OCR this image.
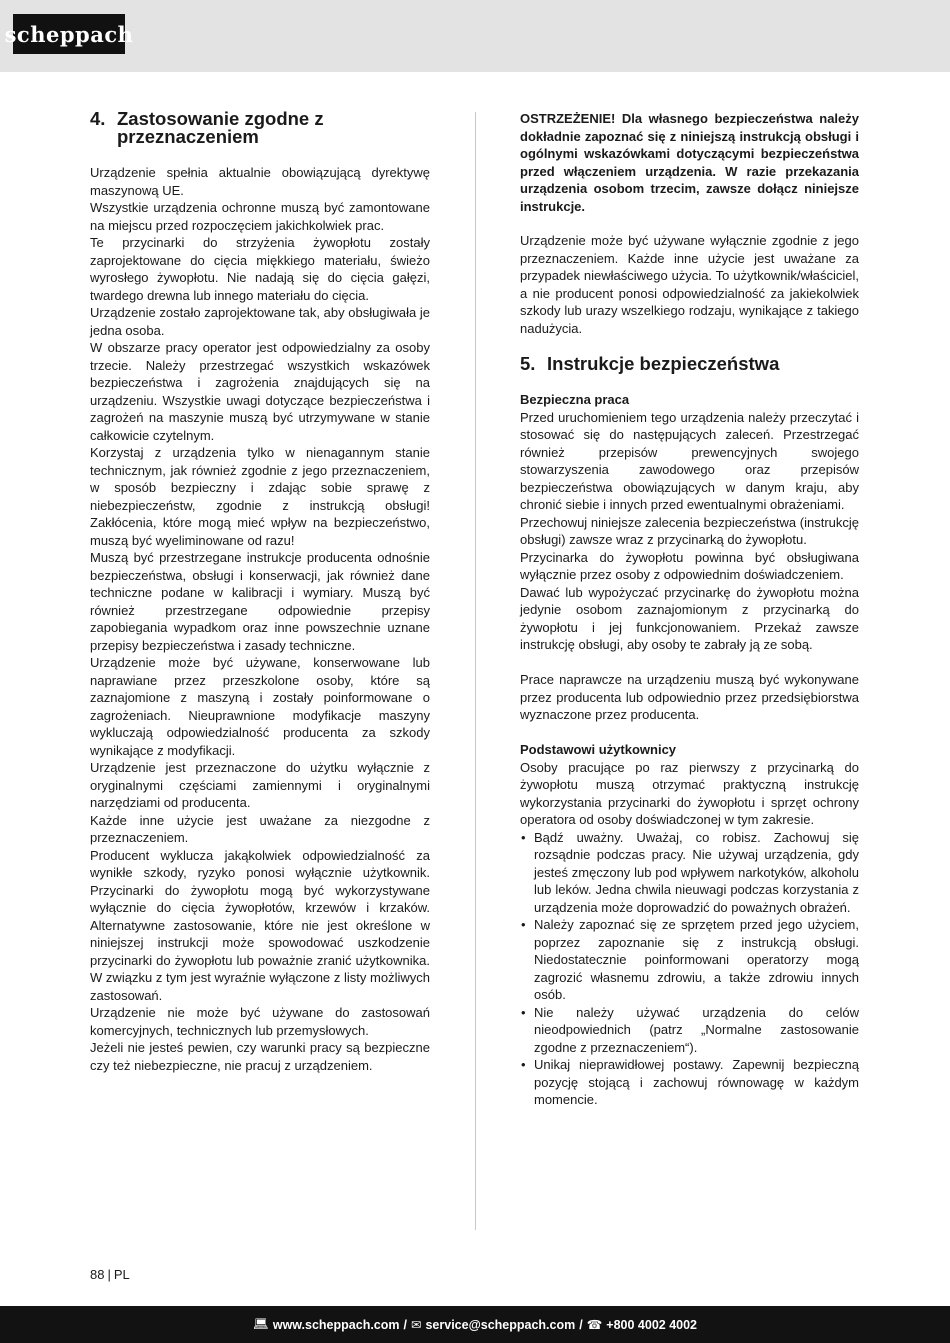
scheppach
4. Zastosowanie zgodne z przeznaczeniem

Urządzenie spełnia aktualnie obowiązującą dyrektywę maszynową UE.

Wszystkie urządzenia ochronne muszą być zamontowane na miejscu przed rozpoczęciem jakichkolwiek prac.

Te przycinarki do strzyżenia żywopłotu zostały zaprojektowane do cięcia miękkiego materiału, świeżo wyrosłego żywopłotu. Nie nadają się do cięcia gałęzi, twardego drewna lub innego materiału do cięcia.

Urządzenie zostało zaprojektowane tak, aby obsługiwała je jedna osoba.

W obszarze pracy operator jest odpowiedzialny za osoby trzecie. Należy przestrzegać wszystkich wskazówek bezpieczeństwa i zagrożenia znajdujących się na urządzeniu. Wszystkie uwagi dotyczące bezpieczeństwa i zagrożeń na maszynie muszą być utrzymywane w stanie całkowicie czytelnym.

Korzystaj z urządzenia tylko w nienagannym stanie technicznym, jak również zgodnie z jego przeznaczeniem, w sposób bezpieczny i zdając sobie sprawę z niebezpieczeństw, zgodnie z instrukcją obsługi! Zakłócenia, które mogą mieć wpływ na bezpieczeństwo, muszą być wyeliminowane od razu!

Muszą być przestrzegane instrukcje producenta odnośnie bezpieczeństwa, obsługi i konserwacji, jak również dane techniczne podane w kalibracji i wymiary. Muszą być również przestrzegane odpowiednie przepisy zapobiegania wypadkom oraz inne powszechnie uznane przepisy bezpieczeństwa i zasady techniczne.

Urządzenie może być używane, konserwowane lub naprawiane przez przeszkolone osoby, które są zaznajomione z maszyną i zostały poinformowane o zagrożeniach. Nieuprawnione modyfikacje maszyny wykluczają odpowiedzialność producenta za szkody wynikające z modyfikacji.

Urządzenie jest przeznaczone do użytku wyłącznie z oryginalnymi częściami zamiennymi i oryginalnymi narzędziami od producenta.

Każde inne użycie jest uważane za niezgodne z przeznaczeniem.

Producent wyklucza jakąkolwiek odpowiedzialność za wynikłe szkody, ryzyko ponosi wyłącznie użytkownik. Przycinarki do żywopłotu mogą być wykorzystywane wyłącznie do cięcia żywopłotów, krzewów i krzaków. Alternatywne zastosowanie, które nie jest określone w niniejszej instrukcji może spowodować uszkodzenie przycinarki do żywopłotu lub poważnie zranić użytkownika. W związku z tym jest wyraźnie wyłączone z listy możliwych zastosowań.

Urządzenie nie może być używane do zastosowań komercyjnych, technicznych lub przemysłowych.

Jeżeli nie jesteś pewien, czy warunki pracy są bezpieczne czy też niebezpieczne, nie pracuj z urządzeniem.

OSTRZEŻENIE! Dla własnego bezpieczeństwa należy dokładnie zapoznać się z niniejszą instrukcją obsługi i ogólnymi wskazówkami dotyczącymi bezpieczeństwa przed włączeniem urządzenia. W razie przekazania urządzenia osobom trzecim, zawsze dołącz niniejsze instrukcje.

Urządzenie może być używane wyłącznie zgodnie z jego przeznaczeniem. Każde inne użycie jest uważane za przypadek niewłaściwego użycia. To użytkownik/właściciel, a nie producent ponosi odpowiedzialność za jakiekolwiek szkody lub urazy wszelkiego rodzaju, wynikające z takiego nadużycia.

5. Instrukcje bezpieczeństwa
Bezpieczna praca

Przed uruchomieniem tego urządzenia należy przeczytać i stosować się do następujących zaleceń. Przestrzegać również przepisów prewencyjnych swojego stowarzyszenia zawodowego oraz przepisów bezpieczeństwa obowiązujących w danym kraju, aby chronić siebie i innych przed ewentualnymi obrażeniami.

Przechowuj niniejsze zalecenia bezpieczeństwa (instrukcję obsługi) zawsze wraz z przycinarką do żywopłotu.

Przycinarka do żywopłotu powinna być obsługiwana wyłącznie przez osoby z odpowiednim doświadczeniem.

Dawać lub wypożyczać przycinarkę do żywopłotu można jedynie osobom zaznajomionym z przycinarką do żywopłotu i jej funkcjonowaniem. Przekaż zawsze instrukcję obsługi, aby osoby te zabrały ją ze sobą.

Prace naprawcze na urządzeniu muszą być wykonywane przez producenta lub odpowiednio przez przedsiębiorstwa wyznaczone przez producenta.

Podstawowi użytkownicy

Osoby pracujące po raz pierwszy z przycinarką do żywopłotu muszą otrzymać praktyczną instrukcję wykorzystania przycinarki do żywopłotu i sprzęt ochrony operatora od osoby doświadczonej w tym zakresie.

• Bądź uważny. Uważaj, co robisz. Zachowuj się rozsądnie podczas pracy. Nie używaj urządzenia, gdy jesteś zmęczony lub pod wpływem narkotyków, alkoholu lub leków. Jedna chwila nieuwagi podczas korzystania z urządzenia może doprowadzić do poważnych obrażeń.
• Należy zapoznać się ze sprzętem przed jego użyciem, poprzez zapoznanie się z instrukcją obsługi. Niedostatecznie poinformowani operatorzy mogą zagrozić własnemu zdrowiu, a także zdrowiu innych osób.
• Nie należy używać urządzenia do celów nieodpowiednich (patrz „Normalne zastosowanie zgodne z przeznaczeniem“).
• Unikaj nieprawidłowej postawy. Zapewnij bezpieczną pozycję stojącą i zachowuj równowagę w każdym momencie.
88 | PL
💻︎ www.scheppach.com / ✉︎ service@scheppach.com / ☎︎ +800 4002 4002
